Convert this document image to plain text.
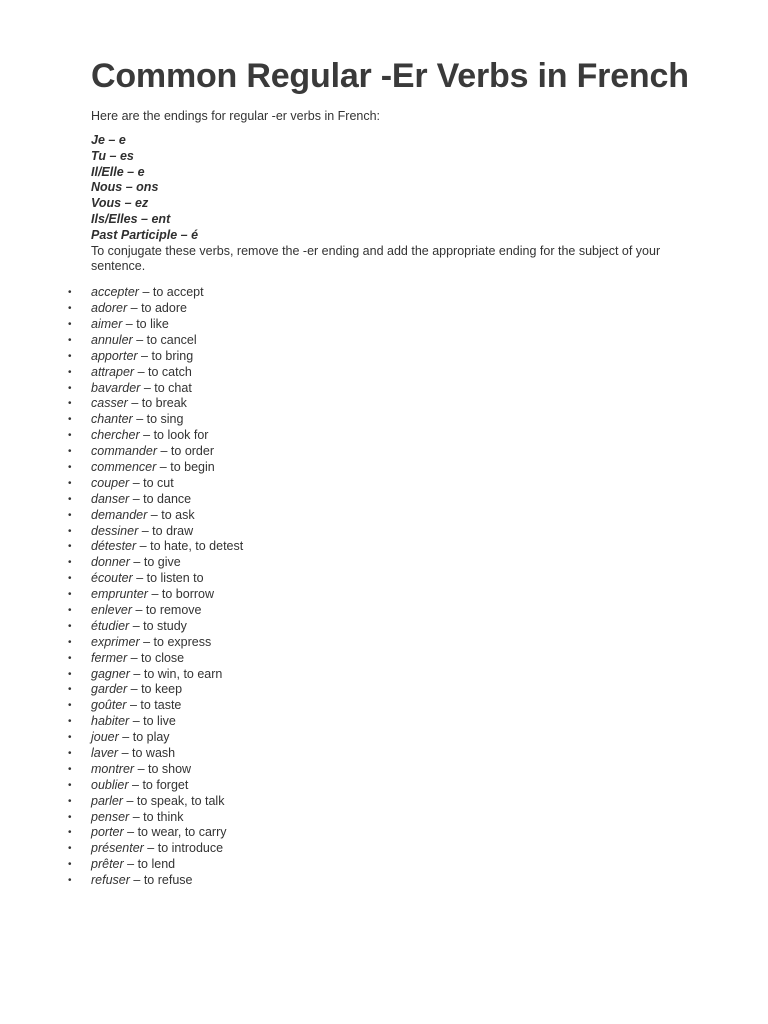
Common Regular -Er Verbs in French

Here are the endings for regular -er verbs in French:

Je – e
Tu – es
Il/Elle – e
Nous – ons
Vous – ez
Ils/Elles – ent
Past Participle – é

To conjugate these verbs, remove the -er ending and add the appropriate ending for the subject of your sentence.

• accepter – to accept
• adorer – to adore
• aimer – to like
• annuler – to cancel
• apporter – to bring
• attraper – to catch
• bavarder – to chat
• casser – to break
• chanter – to sing
• chercher – to look for
• commander – to order
• commencer – to begin
• couper – to cut
• danser – to dance
• demander – to ask
• dessiner – to draw
• détester – to hate, to detest
• donner – to give
• écouter – to listen to
• emprunter – to borrow
• enlever – to remove
• étudier – to study
• exprimer – to express
• fermer – to close
• gagner – to win, to earn
• garder – to keep
• goûter – to taste
• habiter – to live
• jouer – to play
• laver – to wash
• montrer – to show
• oublier – to forget
• parler – to speak, to talk
• penser – to think
• porter – to wear, to carry
• présenter – to introduce
• prêter – to lend
• refuser – to refuse
